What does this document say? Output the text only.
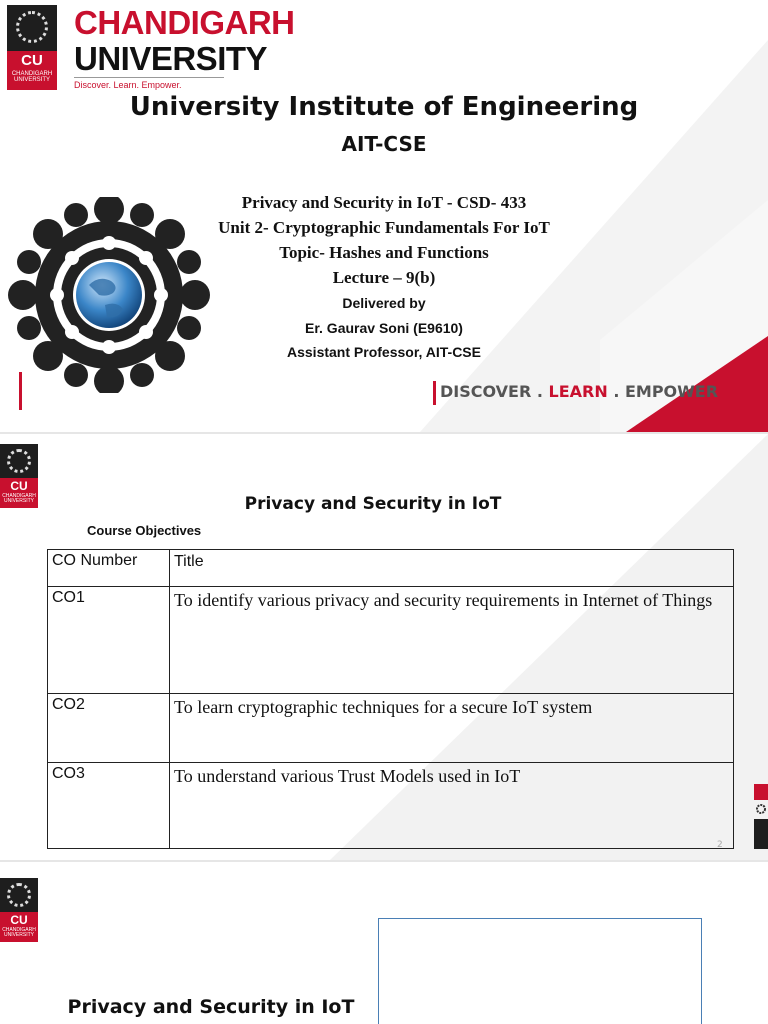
CU
CHANDIGARH
UNIVERSITY
CHANDIGARH
UNIVERSITY
Discover. Learn. Empower.
University Institute of Engineering
AIT-CSE
Privacy and Security in IoT - CSD- 433
Unit 2- Cryptographic Fundamentals For IoT
Topic- Hashes and Functions
Lecture – 9(b)
Delivered by
Er. Gaurav Soni (E9610)
Assistant Professor, AIT-CSE
DISCOVER . LEARN . EMPOWER
CU
CHANDIGARH
UNIVERSITY	Privacy and Security in IoT
Course Objectives
CO Number	Title
CO1	To identify various privacy and security requirements in Internet of Things
CO2	To learn cryptographic techniques for a secure IoT system
CO3	To understand various Trust Models used in IoT
2
CU
CHANDIGARH
UNIVERSITY
Privacy and Security in IoT
